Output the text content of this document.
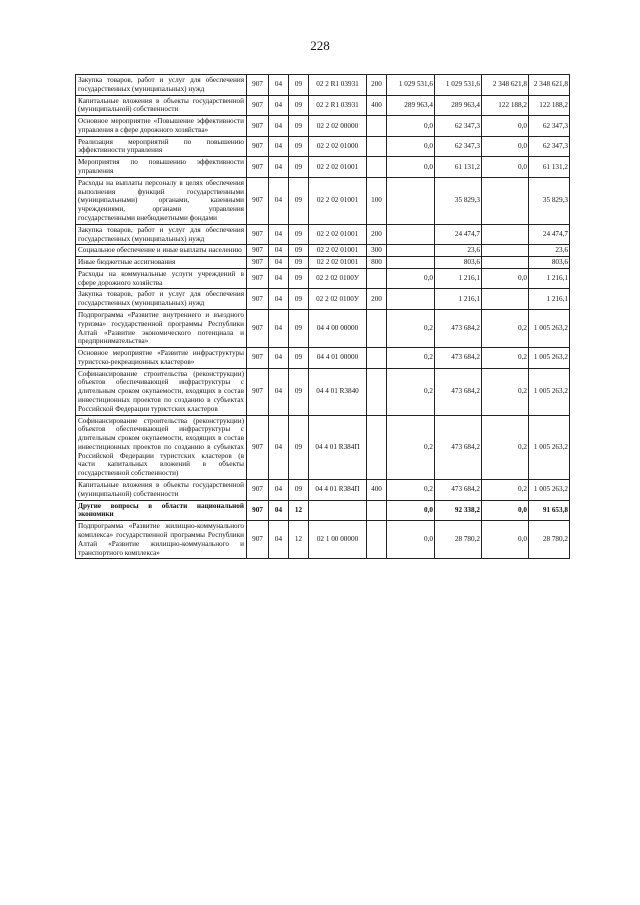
228
Закупка товаров, работ и услуг для обеспечения государственных (муниципальных) нужд	907	04	09	02 2 R1 03931	200	1 029 531,6	1 029 531,6	2 348 621,8	2 348 621,8
Капитальные вложения в объекты государственной (муниципальной) собственности	907	04	09	02 2 R1 03931	400	289 963,4	289 963,4	122 188,2	122 188,2
Основное мероприятие «Повышение эффективности управления в сфере дорожного хозяйства»	907	04	09	02 2 02 00000		0,0	62 347,3	0,0	62 347,3
Реализация мероприятий по повышению эффективности управления	907	04	09	02 2 02 01000		0,0	62 347,3	0,0	62 347,3
Мероприятия по повышению эффективности управления	907	04	09	02 2 02 01001		0,0	61 131,2	0,0	61 131,2
Расходы на выплаты персоналу в целях обеспечения выполнения функций государственными (муниципальными) органами, казенными учреждениями, органами управления государственными внебюджетными фондами	907	04	09	02 2 02 01001	100		35 829,3		35 829,3
Закупка товаров, работ и услуг для обеспечения государственных (муниципальных) нужд	907	04	09	02 2 02 01001	200		24 474,7		24 474,7
Социальное обеспечение и иные выплаты населению	907	04	09	02 2 02 01001	300		23,6		23,6
Иные бюджетные ассигнования	907	04	09	02 2 02 01001	800		803,6		803,6
Расходы на коммунальные услуги учреждений в сфере дорожного хозяйства	907	04	09	02 2 02 0100У		0,0	1 216,1	0,0	1 216,1
Закупка товаров, работ и услуг для обеспечения государственных (муниципальных) нужд	907	04	09	02 2 02 0100У	200		1 216,1		1 216,1
Подпрограмма «Развитие внутреннего и въездного туризма» государственной программы Республики Алтай «Развитие экономического потенциала и предпринимательства»	907	04	09	04 4 00 00000		0,2	473 684,2	0,2	1 005 263,2
Основное мероприятие «Развитие инфраструктуры туристско-рекреационных кластеров»	907	04	09	04 4 01 00000		0,2	473 684,2	0,2	1 005 263,2
Софинансирование строительства (реконструкции) объектов обеспечивающей инфраструктуры с длительным сроком окупаемости, входящих в состав инвестиционных проектов по созданию в субъектах Российской Федерации туристских кластеров	907	04	09	04 4 01 R3840		0,2	473 684,2	0,2	1 005 263,2
Софинансирование строительства (реконструкции) объектов обеспечивающей инфраструктуры с длительным сроком окупаемости, входящих в состав инвестиционных проектов по созданию в субъектах Российской Федерации туристских кластеров (в части капитальных вложений в объекты государственной собственности)	907	04	09	04 4 01 R384П		0,2	473 684,2	0,2	1 005 263,2
Капитальные вложения в объекты государственной (муниципальной) собственности	907	04	09	04 4 01 R384П	400	0,2	473 684,2	0,2	1 005 263,2
Другие вопросы в области национальной экономики	907	04	12			0,0	92 338,2	0,0	91 653,8
Подпрограмма «Развитие жилищно-коммунального комплекса» государственной программы Республики Алтай «Развитие жилищно-коммунального и транспортного комплекса»	907	04	12	02 1 00 00000		0,0	28 780,2	0,0	28 780,2
